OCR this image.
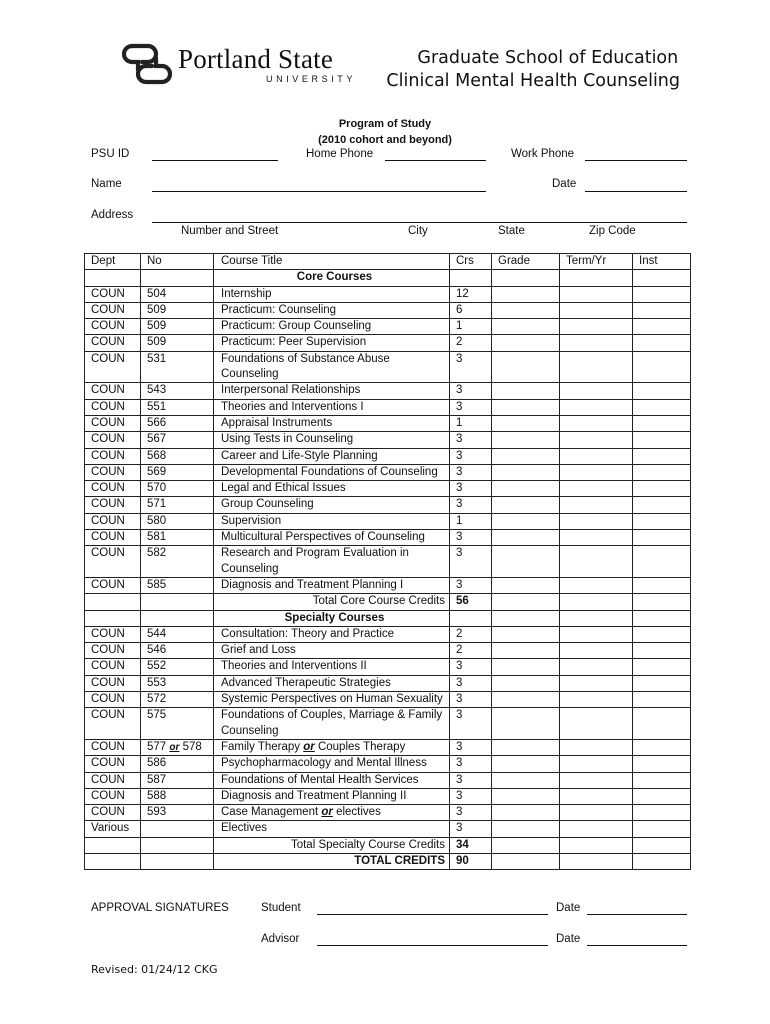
Portland State
UNIVERSITY
Graduate School of Education
Clinical Mental Health Counseling
Program of Study
(2010 cohort and beyond)
PSU ID	Home Phone	Work Phone
Name	Date
Address
Number and Street	City	State	Zip Code
Dept	No	Course Title	Crs	Grade	Term/Yr	Inst
		Core Courses				
COUN	504	Internship	12			
COUN	509	Practicum: Counseling	6			
COUN	509	Practicum: Group Counseling	1			
COUN	509	Practicum: Peer Supervision	2			
COUN	531	Foundations of Substance Abuse Counseling	3			
COUN	543	Interpersonal Relationships	3			
COUN	551	Theories and Interventions I	3			
COUN	566	Appraisal Instruments	1			
COUN	567	Using Tests in Counseling	3			
COUN	568	Career and Life-Style Planning	3			
COUN	569	Developmental Foundations of Counseling	3			
COUN	570	Legal and Ethical Issues	3			
COUN	571	Group Counseling	3			
COUN	580	Supervision	1			
COUN	581	Multicultural Perspectives of Counseling	3			
COUN	582	Research and Program Evaluation in Counseling	3			
COUN	585	Diagnosis and Treatment Planning I	3			
		Total Core Course Credits	56			
		Specialty Courses				
COUN	544	Consultation: Theory and Practice	2			
COUN	546	Grief and Loss	2			
COUN	552	Theories and Interventions II	3			
COUN	553	Advanced Therapeutic Strategies	3			
COUN	572	Systemic Perspectives on Human Sexuality	3			
COUN	575	Foundations of Couples, Marriage & Family Counseling	3			
COUN	577 or 578	Family Therapy or Couples Therapy	3			
COUN	586	Psychopharmacology and Mental Illness	3			
COUN	587	Foundations of Mental Health Services	3			
COUN	588	Diagnosis and Treatment Planning II	3			
COUN	593	Case Management or electives	3			
Various		Electives	3			
		Total Specialty Course Credits	34			
		TOTAL CREDITS	90			
APPROVAL SIGNATURES	Student	Date
Advisor	Date
Revised: 01/24/12 CKG
